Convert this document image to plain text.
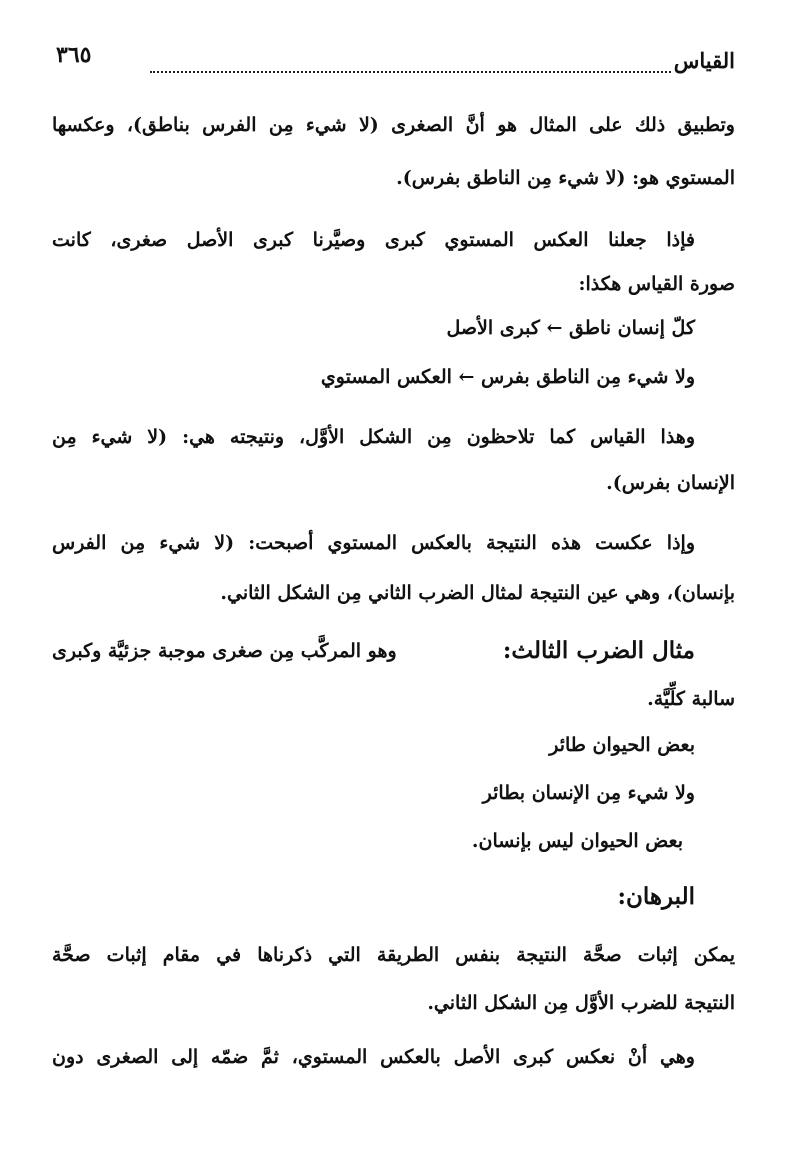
القياس
٣٦٥
وتطبيق ذلك على المثال هو أنَّ الصغرى (لا شيء مِن الفرس بناطق)، وعكسها
المستوي هو: (لا شيء مِن الناطق بفرس).
فإذا جعلنا العكس المستوي كبرى وصيَّرنا كبرى الأصل صغرى، كانت
صورة القياس هكذا:
كلّ إنسان ناطق ← كبرى الأصل
ولا شيء مِن الناطق بفرس ← العكس المستوي
وهذا القياس كما تلاحظون مِن الشكل الأوَّل، ونتيجته هي: (لا شيء مِن
الإنسان بفرس).
وإذا عكست هذه النتيجة بالعكس المستوي أصبحت: (لا شيء مِن الفرس
بإنسان)، وهي عين النتيجة لمثال الضرب الثاني مِن الشكل الثاني.
مثال الضرب الثالث:
وهو المركَّب مِن صغرى موجبة جزئيَّة وكبرى
سالبة كلِّيَّة.
بعض الحيوان طائر
ولا شيء مِن الإنسان بطائر
بعض الحيوان ليس بإنسان.
البرهان:
يمكن إثبات صحَّة النتيجة بنفس الطريقة التي ذكرناها في مقام إثبات صحَّة
النتيجة للضرب الأوَّل مِن الشكل الثاني.
وهي أنْ نعكس كبرى الأصل بالعكس المستوي، ثمَّ ضمّه إلى الصغرى دون
